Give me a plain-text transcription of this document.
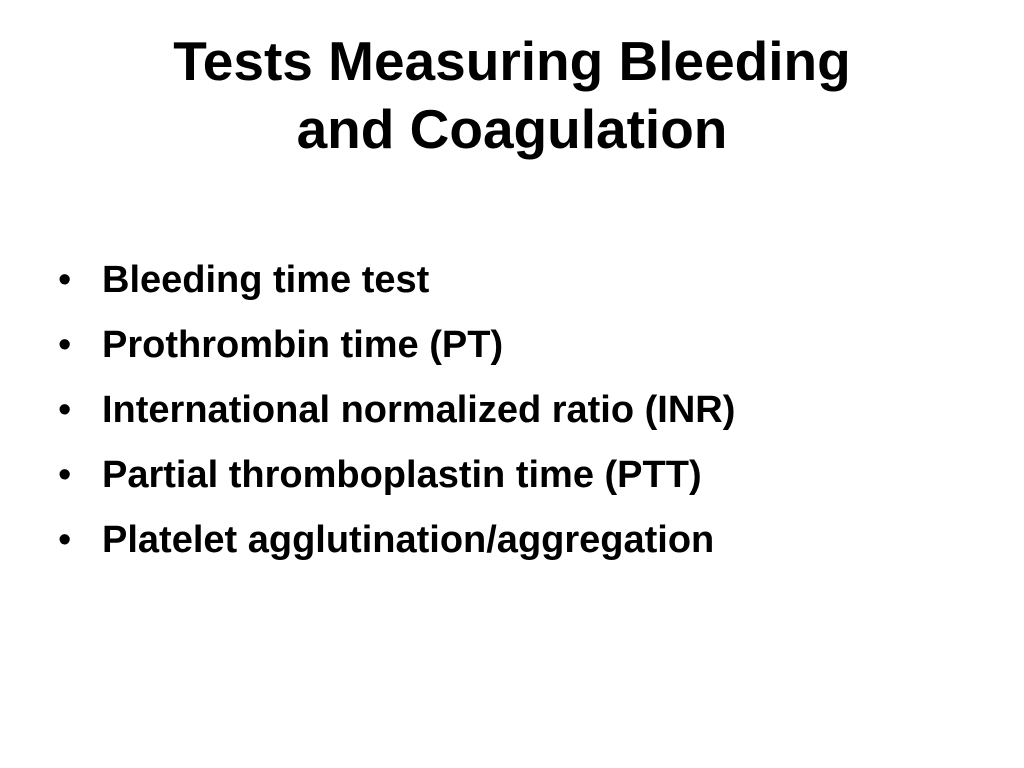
Tests Measuring Bleeding
and Coagulation
• Bleeding time test
• Prothrombin time (PT)
• International normalized ratio (INR)
• Partial thromboplastin time (PTT)
• Platelet agglutination/aggregation
